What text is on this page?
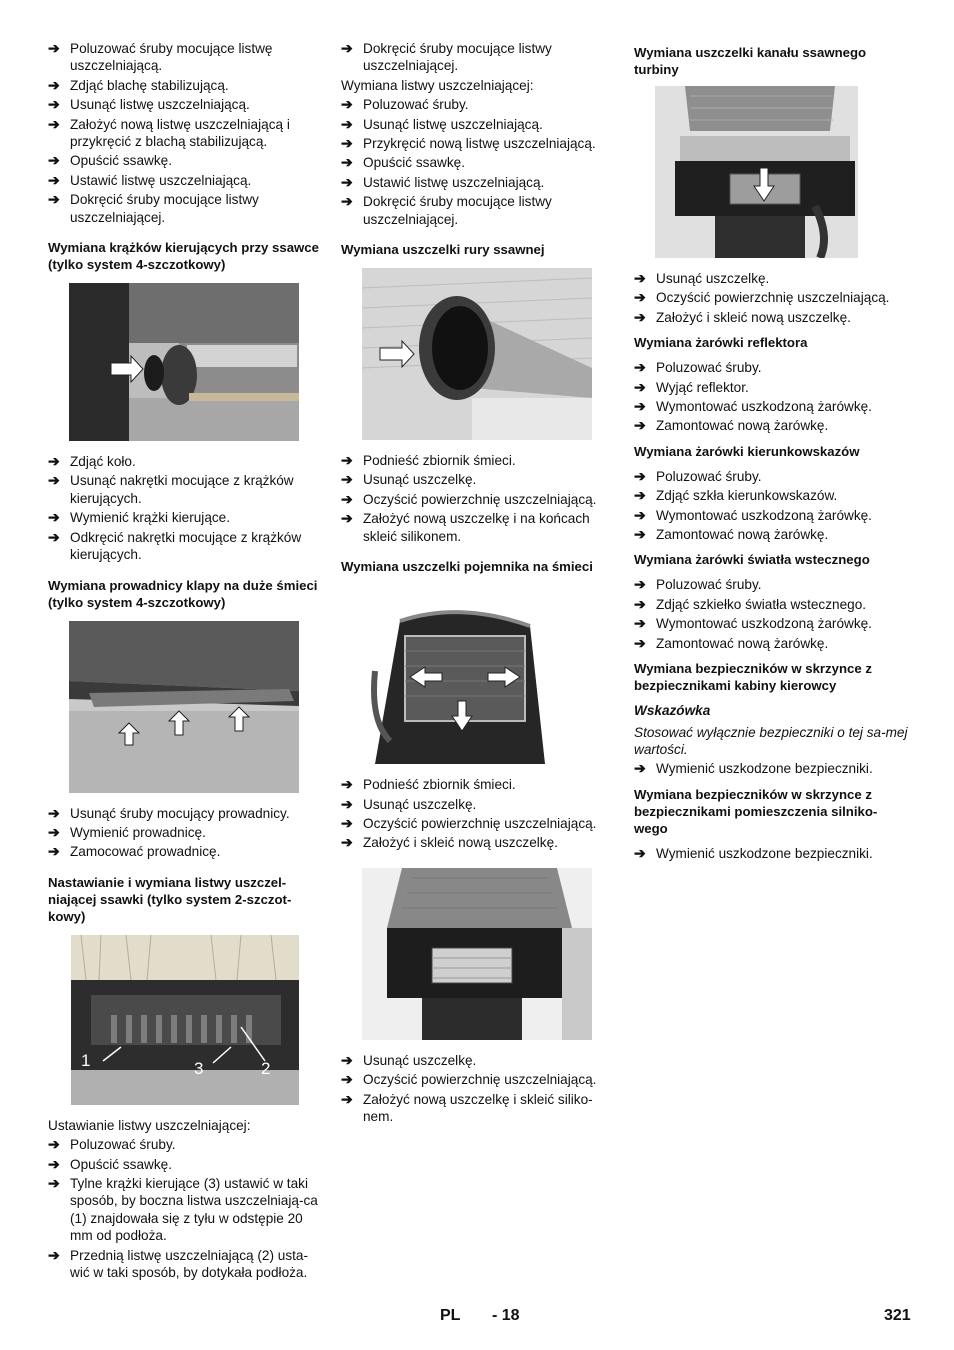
➔ Poluzować śruby mocujące listwę uszczelniającą.
➔ Zdjąć blachę stabilizującą.
➔ Usunąć listwę uszczelniającą.
➔ Założyć nową listwę uszczelniającą i przykręcić z blachą stabilizującą.
➔ Opuścić ssawkę.
➔ Ustawić listwę uszczelniającą.
➔ Dokręcić śruby mocujące listwy uszczelniającej.
Wymiana krążków kierujących przy ssawce (tylko system 4-szczotkowy)
➔ Zdjąć koło.
➔ Usunąć nakrętki mocujące z krążków kierujących.
➔ Wymienić krążki kierujące.
➔ Odkręcić nakrętki mocujące z krążków kierujących.
Wymiana prowadnicy klapy na duże śmieci (tylko system 4-szczotkowy)
➔ Usunąć śruby mocujący prowadnicy.
➔ Wymienić prowadnicę.
➔ Zamocować prowadnicę.
Nastawianie i wymiana listwy uszczel-niającej ssawki (tylko system 2-szczot-kowy)
1	3	2
Ustawianie listwy uszczelniającej:
➔ Poluzować śruby.
➔ Opuścić ssawkę.
➔ Tylne krążki kierujące (3) ustawić w taki sposób, by boczna listwa uszczelniają-ca (1) znajdowała się z tyłu w odstępie 20 mm od podłoża.
➔ Przednią listwę uszczelniającą (2) usta-wić w taki sposób, by dotykała podłoża.
➔ Dokręcić śruby mocujące listwy uszczelniającej.
Wymiana listwy uszczelniającej:
➔ Poluzować śruby.
➔ Usunąć listwę uszczelniającą.
➔ Przykręcić nową listwę uszczelniającą.
➔ Opuścić ssawkę.
➔ Ustawić listwę uszczelniającą.
➔ Dokręcić śruby mocujące listwy uszczelniającej.
Wymiana uszczelki rury ssawnej
➔ Podnieść zbiornik śmieci.
➔ Usunąć uszczelkę.
➔ Oczyścić powierzchnię uszczelniającą.
➔ Założyć nową uszczelkę i na końcach skleić silikonem.
Wymiana uszczelki pojemnika na śmieci
➔ Podnieść zbiornik śmieci.
➔ Usunąć uszczelkę.
➔ Oczyścić powierzchnię uszczelniającą.
➔ Założyć i skleić nową uszczelkę.
➔ Usunąć uszczelkę.
➔ Oczyścić powierzchnię uszczelniającą.
➔ Założyć nową uszczelkę i skleić siliko-nem.
Wymiana uszczelki kanału ssawnego turbiny
➔ Usunąć uszczelkę.
➔ Oczyścić powierzchnię uszczelniającą.
➔ Założyć i skleić nową uszczelkę.
Wymiana żarówki reflektora
➔ Poluzować śruby.
➔ Wyjąć reflektor.
➔ Wymontować uszkodzoną żarówkę.
➔ Zamontować nową żarówkę.
Wymiana żarówki kierunkowskazów
➔ Poluzować śruby.
➔ Zdjąć szkła kierunkowskazów.
➔ Wymontować uszkodzoną żarówkę.
➔ Zamontować nową żarówkę.
Wymiana żarówki światła wstecznego
➔ Poluzować śruby.
➔ Zdjąć szkiełko światła wstecznego.
➔ Wymontować uszkodzoną żarówkę.
➔ Zamontować nową żarówkę.
Wymiana bezpieczników w skrzynce z bezpiecznikami kabiny kierowcy
Wskazówka
Stosować wyłącznie bezpieczniki o tej sa-mej wartości.
➔ Wymienić uszkodzone bezpieczniki.
Wymiana bezpieczników w skrzynce z bezpiecznikami pomieszczenia silniko-wego
➔ Wymienić uszkodzone bezpieczniki.
PL - 18	321
